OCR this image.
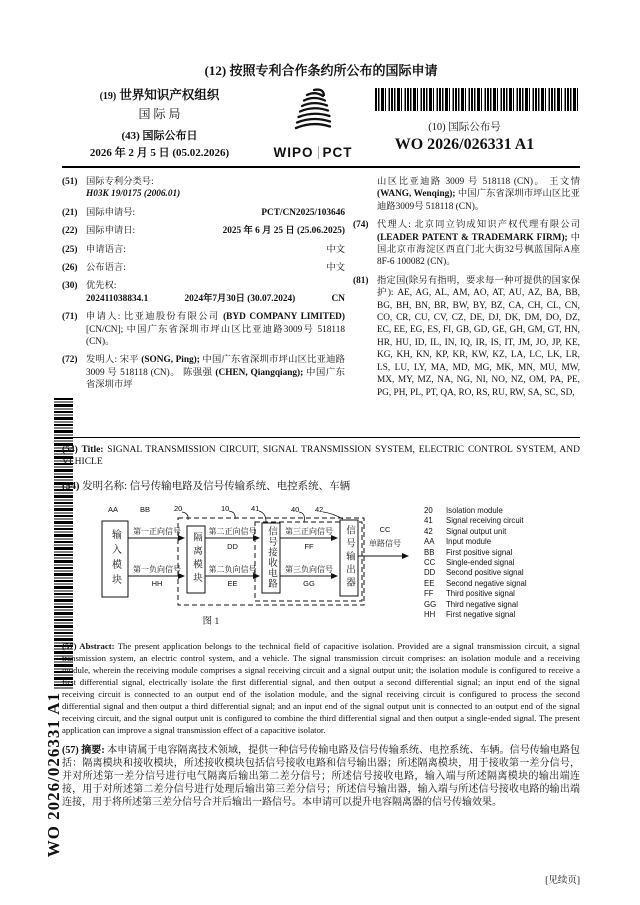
WO 2026/026331 A1
(12) 按照专利合作条约所公布的国际申请
(19) 世界知识产权组织
国 际 局
(43) 国际公布日
2026 年 2 月 5 日 (05.02.2026)	WIPO PCT
(10) 国际公布号
WO 2026/026331 A1
(51) 国际专利分类号:
H03K 19/0175 (2006.01)
(21) 国际申请号:	PCT/CN2025/103646
(22) 国际申请日:	2025 年 6 月 25 日 (25.06.2025)
(25) 申请语言:	中文
(26) 公布语言:	中文
(30) 优先权:
202411038834.1	2024年7月30日 (30.07.2024)	CN
(71) 申请人: 比亚迪股份有限公司 (BYD COMPANY LIMITED) [CN/CN]; 中国广东省深圳市坪山区比亚迪路3009号 518118 (CN)。
(72) 发明人: 宋平 (SONG, Ping); 中国广东省深圳市坪山区比亚迪路 3009 号 518118 (CN)。 陈强强 (CHEN, Qiangqiang); 中国广东省深圳市坪
山区比亚迪路 3009 号 518118 (CN)。 王文情 (WANG, Wenqing); 中国广东省深圳市坪山区比亚迪路3009号 518118 (CN)。
(74) 代理人: 北京同立钧成知识产权代理有限公司 (LEADER PATENT & TRADEMARK FIRM); 中国北京市海淀区西直门北大街32号枫蓝国际A座8F-6 100082 (CN)。
(81) 指定国(除另有指明，要求每一种可提供的国家保护): AE, AG, AL, AM, AO, AT, AU, AZ, BA, BB, BG, BH, BN, BR, BW, BY, BZ, CA, CH, CL, CN, CO, CR, CU, CV, CZ, DE, DJ, DK, DM, DO, DZ, EC, EE, EG, ES, FI, GB, GD, GE, GH, GM, GT, HN, HR, HU, ID, IL, IN, IQ, IR, IS, IT, JM, JO, JP, KE, KG, KH, KN, KP, KR, KW, KZ, LA, LC, LK, LR, LS, LU, LY, MA, MD, MG, MK, MN, MU, MW, MX, MY, MZ, NA, NG, NI, NO, NZ, OM, PA, PE, PG, PH, PL, PT, QA, RO, RS, RU, RW, SA, SC, SD,
(54) Title: SIGNAL TRANSMISSION CIRCUIT, SIGNAL TRANSMISSION SYSTEM, ELECTRIC CONTROL SYSTEM, AND VEHICLE
(54) 发明名称: 信号传输电路及信号传输系统、电控系统、车辆
AA	BB	20	10	41	40 42
输入模块	隔离模块	信号接收电路	信号输出器
第一正向信号
第一负向信号
HH
第二正向信号
DD
第二负向信号
EE
第三正向信号
FF
第三负向信号
GG
CC
单路信号
图 1
20	Isolation module
41	Signal receiving circuit
42	Signal output unit
AA	Input module
BB	First positive signal
CC	Single-ended signal
DD	Second positive signal
EE	Second negative signal
FF	Third positive signal
GG	Third negative signal
HH	First negative signal
(57) Abstract: The present application belongs to the technical field of capacitive isolation. Provided are a signal transmission circuit, a signal transmission system, an electric control system, and a vehicle. The signal transmission circuit comprises: an isolation module and a receiving module, wherein the receiving module comprises a signal receiving circuit and a signal output unit; the isolation module is configured to receive a first differential signal, electrically isolate the first differential signal, and then output a second differential signal; an input end of the signal receiving circuit is connected to an output end of the isolation module, and the signal receiving circuit is configured to process the second differential signal and then output a third differential signal; and an input end of the signal output unit is connected to an output end of the signal receiving circuit, and the signal output unit is configured to combine the third differential signal and then output a single-ended signal. The present application can improve a signal transmission effect of a capacitive isolator.
(57) 摘要: 本申请属于电容隔离技术领域，提供一种信号传输电路及信号传输系统、电控系统、车辆。信号传输电路包括：隔离模块和接收模块，所述接收模块包括信号接收电路和信号输出器；所述隔离模块，用于接收第一差分信号，并对所述第一差分信号进行电气隔离后输出第二差分信号；所述信号接收电路，输入端与所述隔离模块的输出端连接，用于对所述第二差分信号进行处理后输出第三差分信号；所述信号输出器，输入端与所述信号接收电路的输出端连接，用于将所述第三差分信号合并后输出一路信号。本申请可以提升电容隔离器的信号传输效果。
[见续页]
